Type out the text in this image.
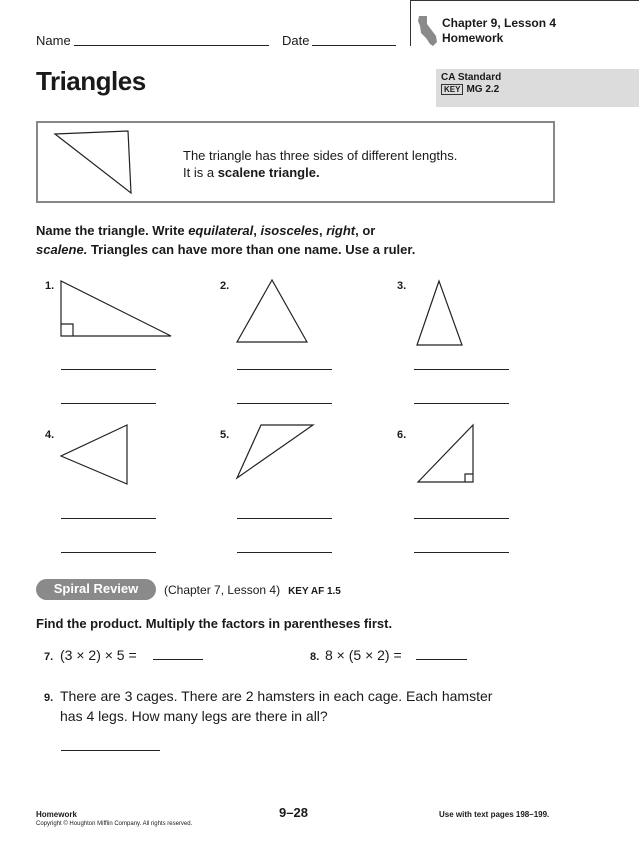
Name	Date
Chapter 9, Lesson 4
Homework
Triangles	CA Standard
KEY MG 2.2
The triangle has three sides of different lengths.
It is a scalene triangle.
Name the triangle. Write equilateral, isosceles, right, or
scalene. Triangles can have more than one name. Use a ruler.
1.	2.	3.
4.	5.	6.
Spiral Review	(Chapter 7, Lesson 4) KEY AF 1.5
Find the product. Multiply the factors in parentheses first.
7. (3 × 2) × 5 =	8. 8 × (5 × 2) =
9. There are 3 cages. There are 2 hamsters in each cage. Each hamster
has 4 legs. How many legs are there in all?
Homework
Copyright © Houghton Mifflin Company. All rights reserved.
9–28	Use with text pages 198–199.
